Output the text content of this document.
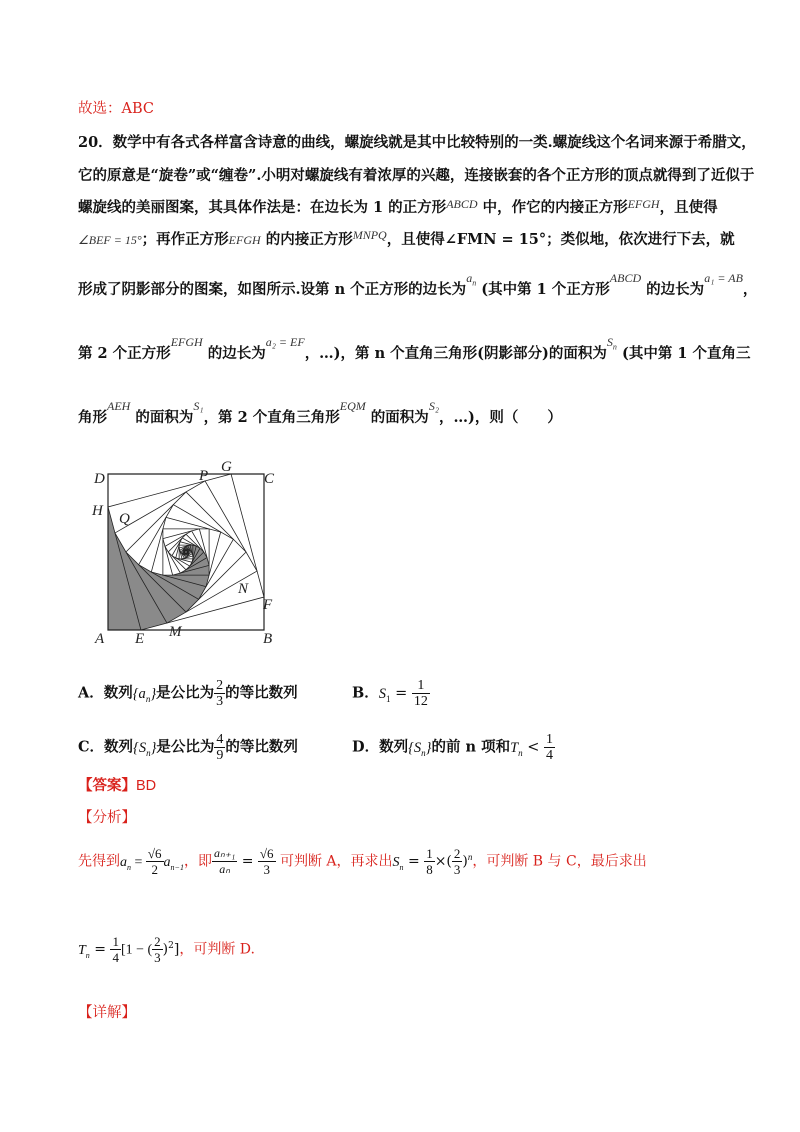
故选：ABC
20．数学中有各式各样富含诗意的曲线，螺旋线就是其中比较特别的一类.螺旋线这个名词来源于希腊文，
它的原意是“旋卷”或“缠卷”.小明对螺旋线有着浓厚的兴趣，连接嵌套的各个正方形的顶点就得到了近似于
螺旋线的美丽图案，其具体作法是：在边长为 1 的正方形$^{ABCD}$ 中，作它的内接正方形$^{EFGH}$，且使得
∠BEF = 15°；再作正方形EFGH 的内接正方形$^{MNPQ}$，且使得∠FMN = 15°；类似地，依次进行下去，就
形成了阴影部分的图案，如图所示.设第 n 个正方形的边长为$^{a_n}$ (其中第 1 个正方形$^{ABCD}$ 的边长为$^{a_1 = AB}$，
第 2 个正方形$^{EFGH}$ 的边长为$^{a_2 = EF}$，…)，第 n 个直角三角形(阴影部分)的面积为$^{S_n}$ (其中第 1 个直角三
角形$^{AEH}$ 的面积为$^{S_1}$，第 2 个直角三角形$^{EQM}$ 的面积为$^{S_2}$，…)，则（　　）
D	P
G
C
H Q
N
F
A E M	B
A．数列$\{a_n\}$是公比为 $\frac{2}{3}$ 的等比数列	B．$S_1 = \frac{1}{12}$
C．数列$\{S_n\}$是公比为 $\frac{4}{9}$ 的等比数列	D．数列$\{S_n\}$的前 n 项和$T_n < \frac{1}{4}$
【答案】BD
【分析】
先得到$a_n = \frac{√6}{2} a_{n-1}$，即 $\frac{\text{aₙ₊₁}}{\text{aₙ}} = \frac{√6}{3}$ 可判断 A，再求出$S_n = \frac{1}{8}$ ×( $\frac{2}{3} )^n$，可判断 B 与 C，最后求出
$T_n = \frac{1}{4} [1$ − ( $\frac{2}{3} )^2$]，可判断 D.
【详解】
